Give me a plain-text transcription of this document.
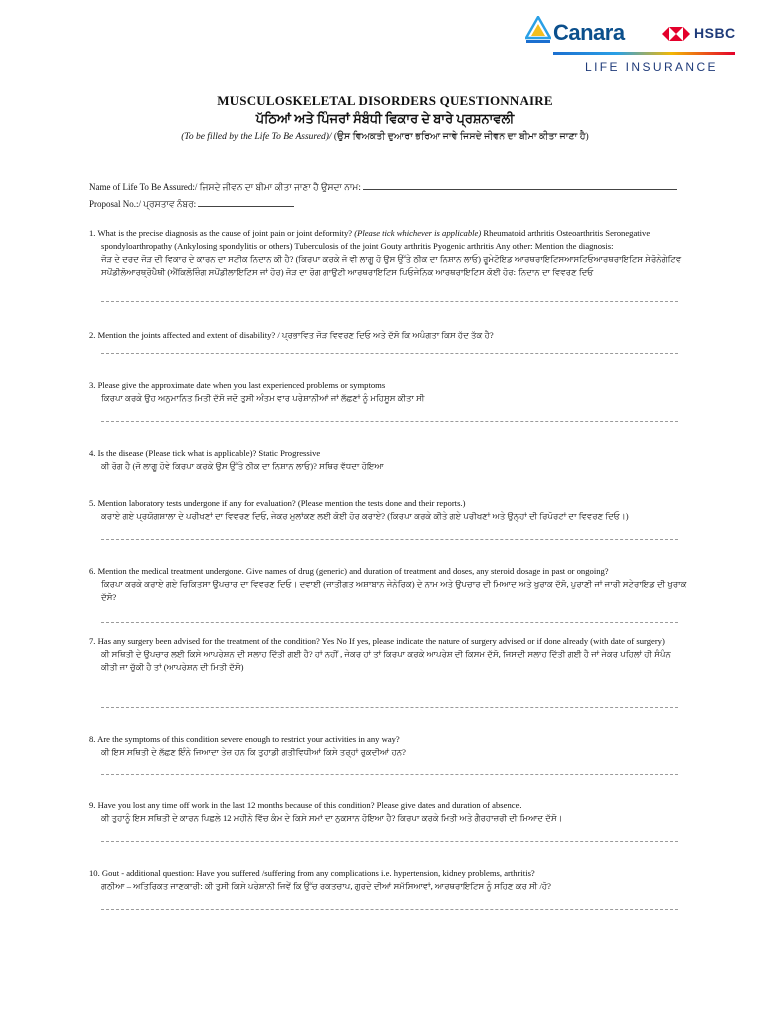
Canara	HSBC
LIFE INSURANCE
MUSCULOSKELETAL DISORDERS QUESTIONNAIRE
ਪੱਠਿਆਂ ਅਤੇ ਪਿੰਜਰਾਂ ਸੰਬੰਧੀ ਵਿਕਾਰ ਦੇ ਬਾਰੇ ਪ੍ਰਸ਼ਨਾਵਲੀ
(To be filled by the Life To Be Assured)/ (ਉਸ ਵਿਅਕਤੀ ਦੁਆਰਾ ਭਰਿਆ ਜਾਵੇ ਜਿਸਦੇ ਜੀਵਨ ਦਾ ਬੀਮਾ ਕੀਤਾ ਜਾਣਾ ਹੈ)
Name of Life To Be Assured:/ ਜਿਸਦੇ ਜੀਵਨ ਦਾ ਬੀਮਾ ਕੀਤਾ ਜਾਣਾ ਹੈ ਉਸਦਾ ਨਾਮ:
Proposal No.:/ ਪ੍ਰਸਤਾਵ ਨੰਬਰ:
1. What is the precise diagnosis as the cause of joint pain or joint deformity? (Please tick whichever is applicable) Rheumatoid arthritis Osteoarthritis Seronegative
spondyloarthropathy (Ankylosing spondylitis or others) Tuberculosis of the joint Gouty arthritis Pyogenic arthritis Any other: Mention the diagnosis:
ਜੋੜ ਦੇ ਦਰਦ ਜੋੜ ਦੀ ਵਿਕਾਰ ਦੇ ਕਾਰਨ ਦਾ ਸਟੀਕ ਨਿਦਾਨ ਕੀ ਹੈ? (ਕਿਰਪਾ ਕਰਕੇ ਜੋ ਵੀ ਲਾਗੂ ਹੋ ਉਸ ਉੱਤੇ ਠੀਕ ਦਾ ਨਿਸ਼ਾਨ ਲਾਓ) ਰੂਮੇਟੋਇਡ ਆਰਥਰਾਇਟਿਸਆਸਟਿਓਆਰਥਰਾਇਟਿਸ ਸੇਰੋਨੇਗੇਟਿਵ ਸਪੋਂਡੀਲੋਆਰਥ੍ਰੋਪੈਥੀ (ਐਂਕਿਲੋਜ਼ਿੰਗ ਸਪੋਂਡੀਲਾਇਟਿਸ ਜਾਂ ਹੋਰ) ਜੋੜ ਦਾ ਰੋਗ ਗਾਉਟੀ ਆਰਥਰਾਇਟਿਸ ਪਿਓਜੇਨਿਕ ਆਰਥਰਾਇਟਿਸ ਕੋਈ ਹੋਰ: ਨਿਦਾਨ ਦਾ ਵਿਵਰਣ ਦਿਓ
2. Mention the joints affected and extent of disability? / ਪ੍ਰਭਾਵਿਤ ਜੋੜ ਵਿਵਰਣ ਦਿਓ ਅਤੇ ਦੱਸੋ ਕਿ ਅਪੰਗਤਾ ਕਿਸ ਹੱਦ ਤੱਕ ਹੈ?
3. Please give the approximate date when you last experienced problems or symptoms
ਕਿਰਪਾ ਕਰਕੇ ਉਹ ਅਨੁਮਾਨਿਤ ਮਿਤੀ ਦੱਸੋ ਜਦੋ ਤੁਸੀ ਅੰਤਮ ਵਾਰ ਪਰੇਸ਼ਾਨੀਆਂ ਜਾਂ ਲੱਛਣਾਂ ਨੂੰ ਮਹਿਸੂਸ ਕੀਤਾ ਸੀ
4. Is the disease (Please tick what is applicable)? Static Progressive
ਕੀ ਰੋਗ ਹੈ (ਜੋ ਲਾਗੂ ਹੋਵੇ ਕਿਰਪਾ ਕਰਕੇ ਉਸ ਉੱਤੇ ਠੀਕ ਦਾ ਨਿਸ਼ਾਨ ਲਾਓ)? ਸਥਿਰ ਵੱਧਦਾ ਹੋਇਆ
5. Mention laboratory tests undergone if any for evaluation? (Please mention the tests done and their reports.)
ਕਰਾਏ ਗਏ ਪ੍ਰਯੋਗਸ਼ਾਲਾ ਦੇ ਪਰੀਖਣਾਂ ਦਾ ਵਿਵਰਣ ਦਿਓ, ਜੇਕਰ ਮੁਲਾਂਕਣ ਲਈ ਕੋਈ ਹੋਰ ਕਰਾਏ? (ਕਿਰਪਾ ਕਰਕੇ ਕੀਤੇ ਗਏ ਪਰੀਖਣਾਂ ਅਤੇ ਉਨ੍ਹਾਂ ਦੀ ਰਿਪੋਰਟਾਂ ਦਾ ਵਿਵਰਣ ਦਿਓ।)
6. Mention the medical treatment undergone. Give names of drug (generic) and duration of treatment and doses, any steroid dosage in past or ongoing?
ਕਿਰਪਾ ਕਰਕੇ ਕਰਾਏ ਗਏ ਚਿਕਿਤਸਾ ਉਪਚਾਰ ਦਾ ਵਿਵਰਣ ਦਿਓ। ਦਵਾਈ (ਜਾਤੀਗਤ ਅਸ਼ਾਬਾਨ ਜੇਨੇਰਿਕ) ਦੇ ਨਾਮ ਅਤੇ ਉਪਚਾਰ ਦੀ ਮਿਆਦ ਅਤੇ ਖੁਰਾਕ ਦੱਸੋ, ਪੁਰਾਣੀ ਜਾਂ ਜਾਰੀ ਸਟੇਰਾਇਡ ਦੀ ਖੁਰਾਕ ਦੱਸੋ?
7. Has any surgery been advised for the treatment of the condition? Yes No If yes, please indicate the nature of surgery advised or if done already (with date of surgery)
ਕੀ ਸਥਿਤੀ ਦੇ ਉਪਚਾਰ ਲਈ ਕਿਸੇ ਆਪਰੇਸ਼ਨ ਦੀ ਸਲਾਹ ਦਿੱਤੀ ਗਈ ਹੈ? ਹਾਂ ਨਹੀਂ , ਜੇਕਰ ਹਾਂ ਤਾਂ ਕਿਰਪਾ ਕਰਕੇ ਆਪਰੇਸ਼ ਦੀ ਕਿਸਮ ਦੱਸੋ, ਜਿਸਦੀ ਸਲਾਹ ਦਿੱਤੀ ਗਈ ਹੈ ਜਾਂ ਜੇਕਰ ਪਹਿਲਾਂ ਹੀ ਸੰਪੰਨ ਕੀਤੀ ਜਾ ਚੁੱਕੀ ਹੈ ਤਾਂ (ਆਪਰੇਸ਼ਨ ਦੀ ਮਿਤੀ ਦੱਸੋ)
8. Are the symptoms of this condition severe enough to restrict your activities in any way?
ਕੀ ਇਸ ਸਥਿਤੀ ਦੇ ਲੱਛਣ ਇੰਨੇ ਜਿਆਦਾ ਤੇਜ਼ ਹਨ ਕਿ ਤੁਹਾਡੀ ਗਤੀਵਿਧੀਆਂ ਕਿਸੇ ਤਰ੍ਹਾਂ ਰੁਕਦੀਆਂ ਹਨ?
9. Have you lost any time off work in the last 12 months because of this condition? Please give dates and duration of absence.
ਕੀ ਤੁਹਾਨੂੰ ਇਸ ਸਥਿਤੀ ਦੇ ਕਾਰਨ ਪਿਛਲੇ 12 ਮਹੀਨੇ ਵਿੱਚ ਕੰਮ ਦੇ ਕਿਸੇ ਸਮਾਂ ਦਾ ਨੁਕਸਾਨ ਹੋਇਆ ਹੈ? ਕਿਰਪਾ ਕਰਕੇ ਮਿਤੀ ਅਤੇ ਗੈਰਹਾਜ਼ਰੀ ਦੀ ਮਿਆਦ ਦੱਸੋ।
10. Gout - additional question: Have you suffered /suffering from any complications i.e. hypertension, kidney problems, arthritis?
ਗਠੀਆ – ਅਤਿਰਿਕਤ ਜਾਣਕਾਰੀ: ਕੀ ਤੁਸੀ ਕਿਸੇ ਪਰੇਸ਼ਾਨੀ ਜਿਵੇਂ ਕਿ ਉੱਚ ਰਕਤਚਾਪ, ਗੁਰਦੇ ਦੀਆਂ ਸਮੱਸਿਆਵਾਂ, ਆਰਥਰਾਇਟਿਸ ਨੂੰ ਸਹਿਣ ਕਰ ਸੀ /ਹੋ?
